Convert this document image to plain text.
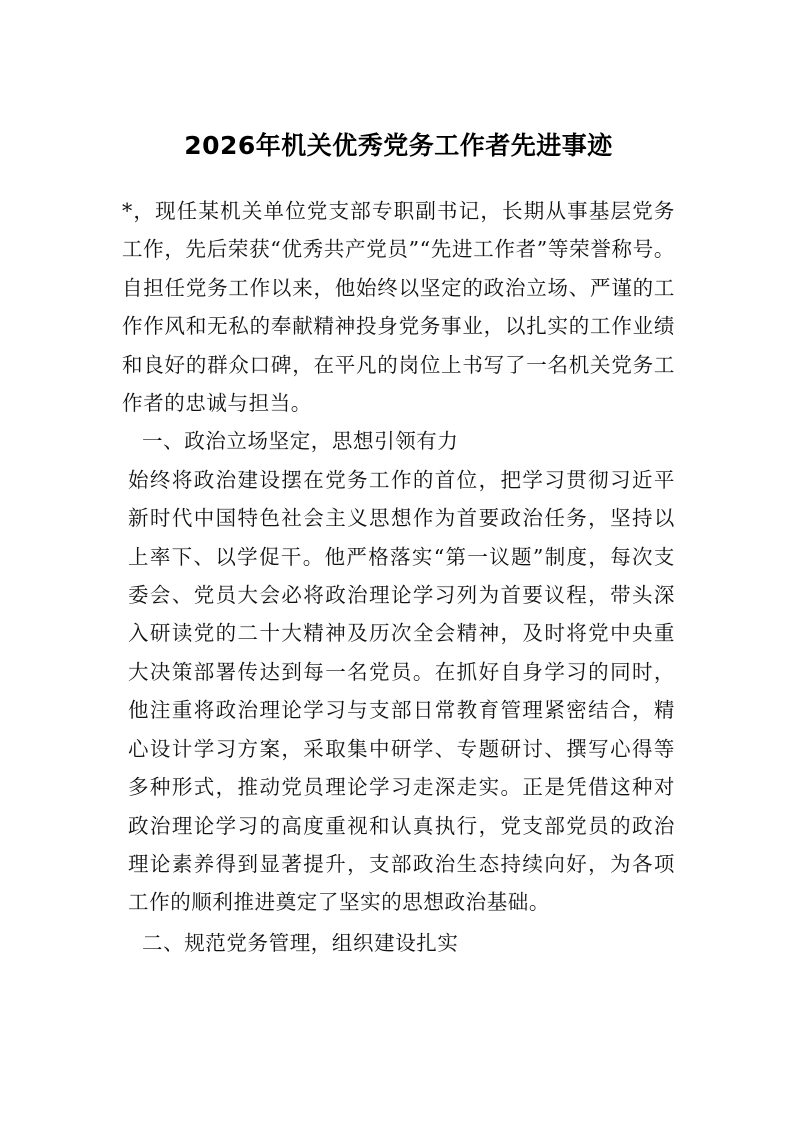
2026年机关优秀党务工作者先进事迹

*，现任某机关单位党支部专职副书记，长期从事基层党务工作，先后荣获“优秀共产党员”“先进工作者”等荣誉称号。自担任党务工作以来，他始终以坚定的政治立场、严谨的工作作风和无私的奉献精神投身党务事业，以扎实的工作业绩和良好的群众口碑，在平凡的岗位上书写了一名机关党务工作者的忠诚与担当。

一、政治立场坚定，思想引领有力

始终将政治建设摆在党务工作的首位，把学习贯彻习近平新时代中国特色社会主义思想作为首要政治任务，坚持以上率下、以学促干。他严格落实“第一议题”制度，每次支委会、党员大会必将政治理论学习列为首要议程，带头深入研读党的二十大精神及历次全会精神，及时将党中央重大决策部署传达到每一名党员。在抓好自身学习的同时，他注重将政治理论学习与支部日常教育管理紧密结合，精心设计学习方案，采取集中研学、专题研讨、撰写心得等多种形式，推动党员理论学习走深走实。正是凭借这种对政治理论学习的高度重视和认真执行，党支部党员的政治理论素养得到显著提升，支部政治生态持续向好，为各项工作的顺利推进奠定了坚实的思想政治基础。

二、规范党务管理，组织建设扎实
